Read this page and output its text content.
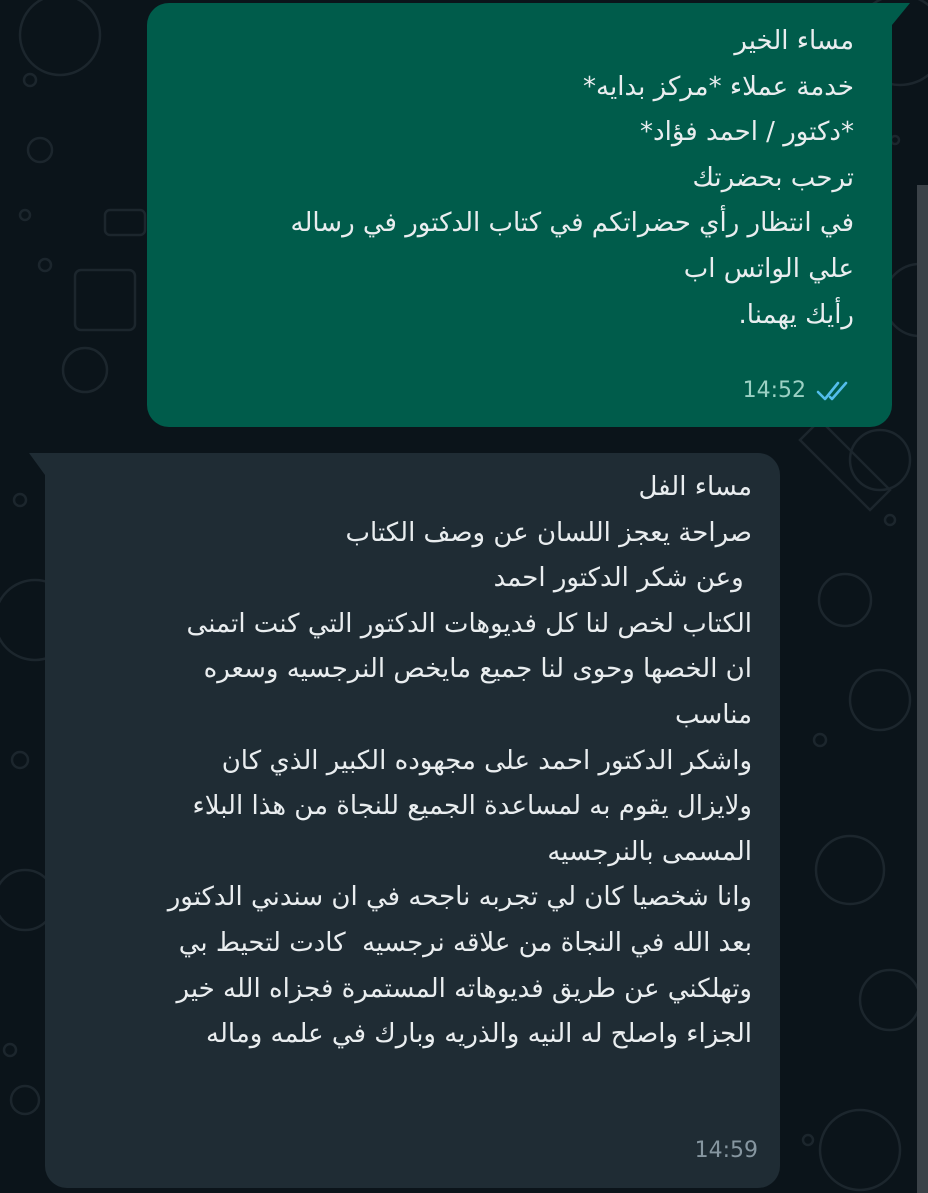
مساء الخير
خدمة عملاء *مركز بدايه*
*دكتور / احمد فؤاد*
ترحب بحضرتك
في انتظار رأي حضراتكم في كتاب الدكتور في رساله
علي الواتس اب
رأيك يهمنا.
14:52
مساء الفل
صراحة يعجز اللسان عن وصف الكتاب
وعن شكر الدكتور احمد
الكتاب لخص لنا كل فديوهات الدكتور التي كنت اتمنى
ان الخصها وحوى لنا جميع مايخص النرجسيه وسعره
مناسب
واشكر الدكتور احمد على مجهوده الكبير الذي كان
ولايزال يقوم به لمساعدة الجميع للنجاة من هذا البلاء
المسمى بالنرجسيه
وانا شخصيا كان لي تجربه ناجحه في ان سندني الدكتور
بعد الله في النجاة من علاقه نرجسيه  كادت لتحيط بي
وتهلكني عن طريق فديوهاته المستمرة فجزاه الله خير
الجزاء واصلح له النيه والذريه وبارك في علمه وماله
14:59
